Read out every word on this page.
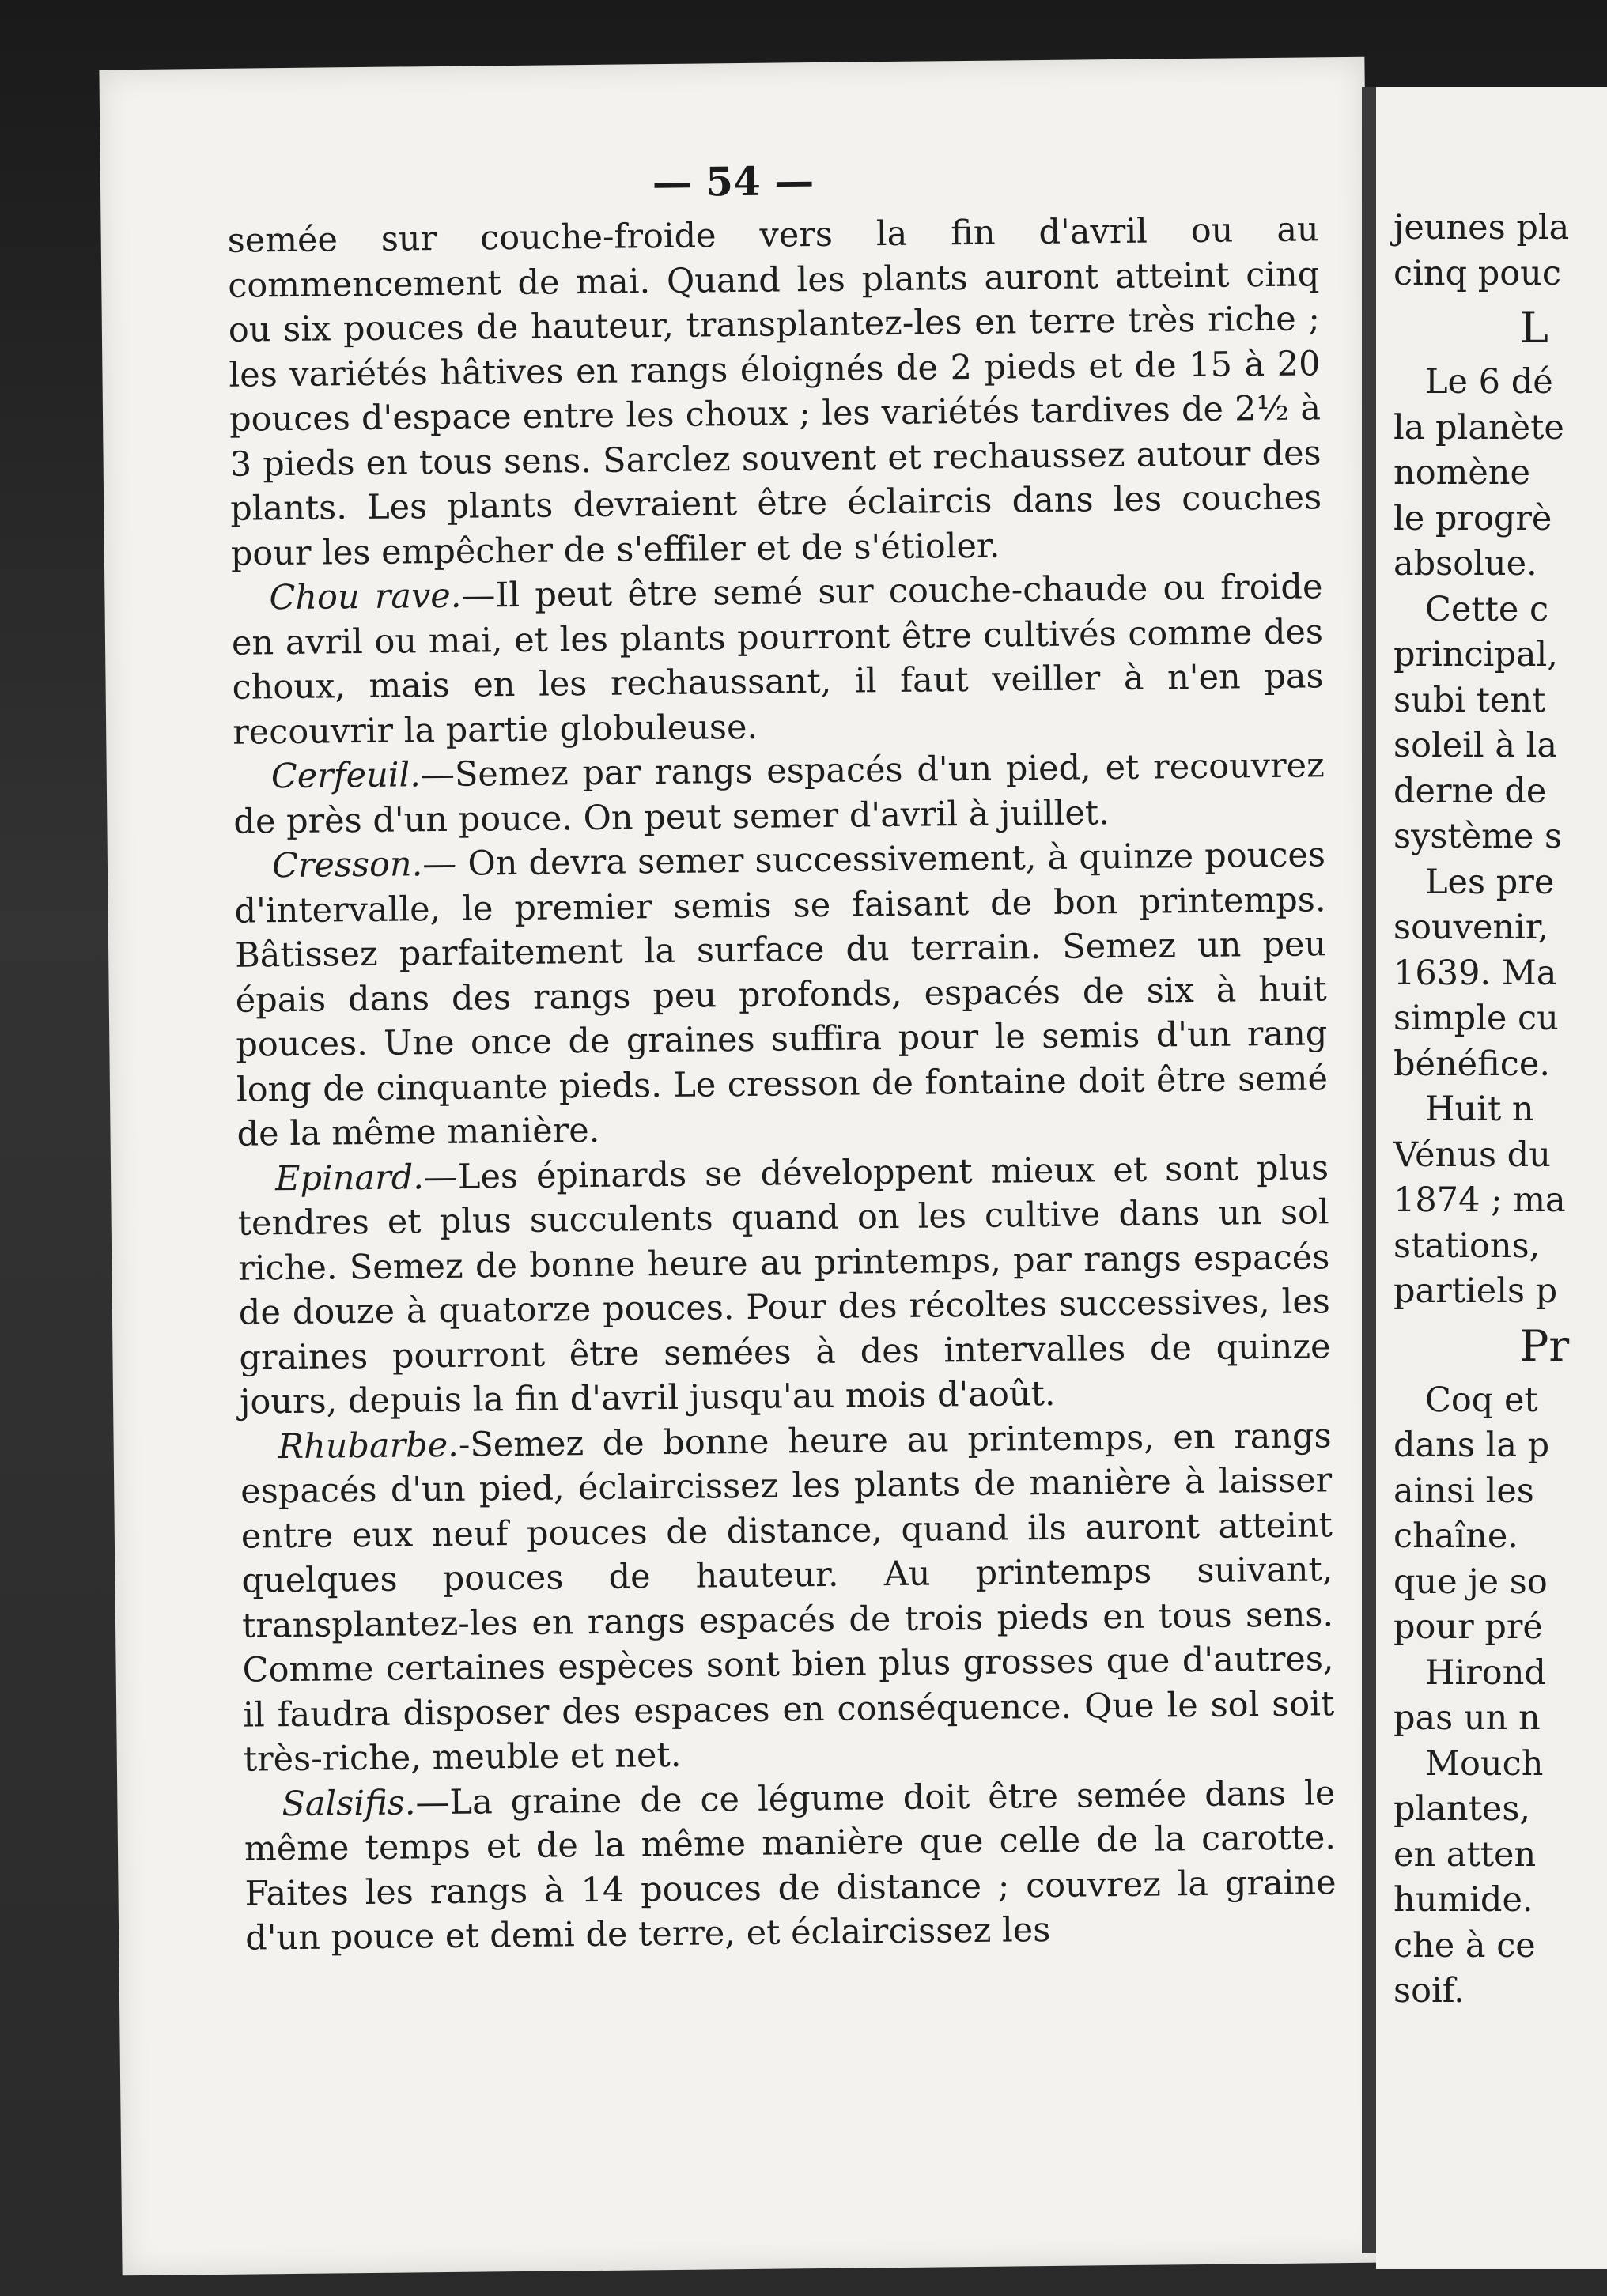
— 54 —

semée sur couche-froide vers la fin d'avril ou au commencement de mai. Quand les plants auront atteint cinq ou six pouces de hauteur, transplantez-les en terre très riche ; les variétés hâtives en rangs éloignés de 2 pieds et de 15 à 20 pouces d'espace entre les choux ; les variétés tardives de 2½ à 3 pieds en tous sens. Sarclez souvent et rechaussez autour des plants. Les plants devraient être éclaircis dans les couches pour les empêcher de s'effiler et de s'étioler.

Chou rave.—Il peut être semé sur couche-chaude ou froide en avril ou mai, et les plants pourront être cultivés comme des choux, mais en les rechaussant, il faut veiller à n'en pas recouvrir la partie globuleuse.

Cerfeuil.—Semez par rangs espacés d'un pied, et recouvrez de près d'un pouce. On peut semer d'avril à juillet.

Cresson.— On devra semer successivement, à quinze pouces d'intervalle, le premier semis se faisant de bon printemps. Bâtissez parfaitement la surface du terrain. Semez un peu épais dans des rangs peu profonds, espacés de six à huit pouces. Une once de graines suffira pour le semis d'un rang long de cinquante pieds. Le cresson de fontaine doit être semé de la même manière.

Epinard.—Les épinards se développent mieux et sont plus tendres et plus succulents quand on les cultive dans un sol riche. Semez de bonne heure au printemps, par rangs espacés de douze à quatorze pouces. Pour des récoltes successives, les graines pourront être semées à des intervalles de quinze jours, depuis la fin d'avril jusqu'au mois d'août.

Rhubarbe.-Semez de bonne heure au printemps, en rangs espacés d'un pied, éclaircissez les plants de manière à laisser entre eux neuf pouces de distance, quand ils auront atteint quelques pouces de hauteur. Au printemps suivant, transplantez-les en rangs espacés de trois pieds en tous sens. Comme certaines espèces sont bien plus grosses que d'autres, il faudra disposer des espaces en conséquence. Que le sol soit très-riche, meuble et net.

Salsifis.—La graine de ce légume doit être semée dans le même temps et de la même manière que celle de la carotte. Faites les rangs à 14 pouces de distance ; couvrez la graine d'un pouce et demi de terre, et éclaircissez les

jeunes pla
cinq pouc
L
Le 6 dé
la planète
nomène
le progrè
absolue.
Cette c
principal,
subi tent
soleil à la
derne de
système s
Les pre
souvenir,
1639. Ma
simple cu
bénéfice.
Huit n
Vénus du
1874 ; ma
stations,
partiels p
Pr
Coq et
dans la p
ainsi les
chaîne.
que je so
pour pré
Hirond
pas un n
Mouch
plantes,
en atten
humide.
che à ce
soif.
